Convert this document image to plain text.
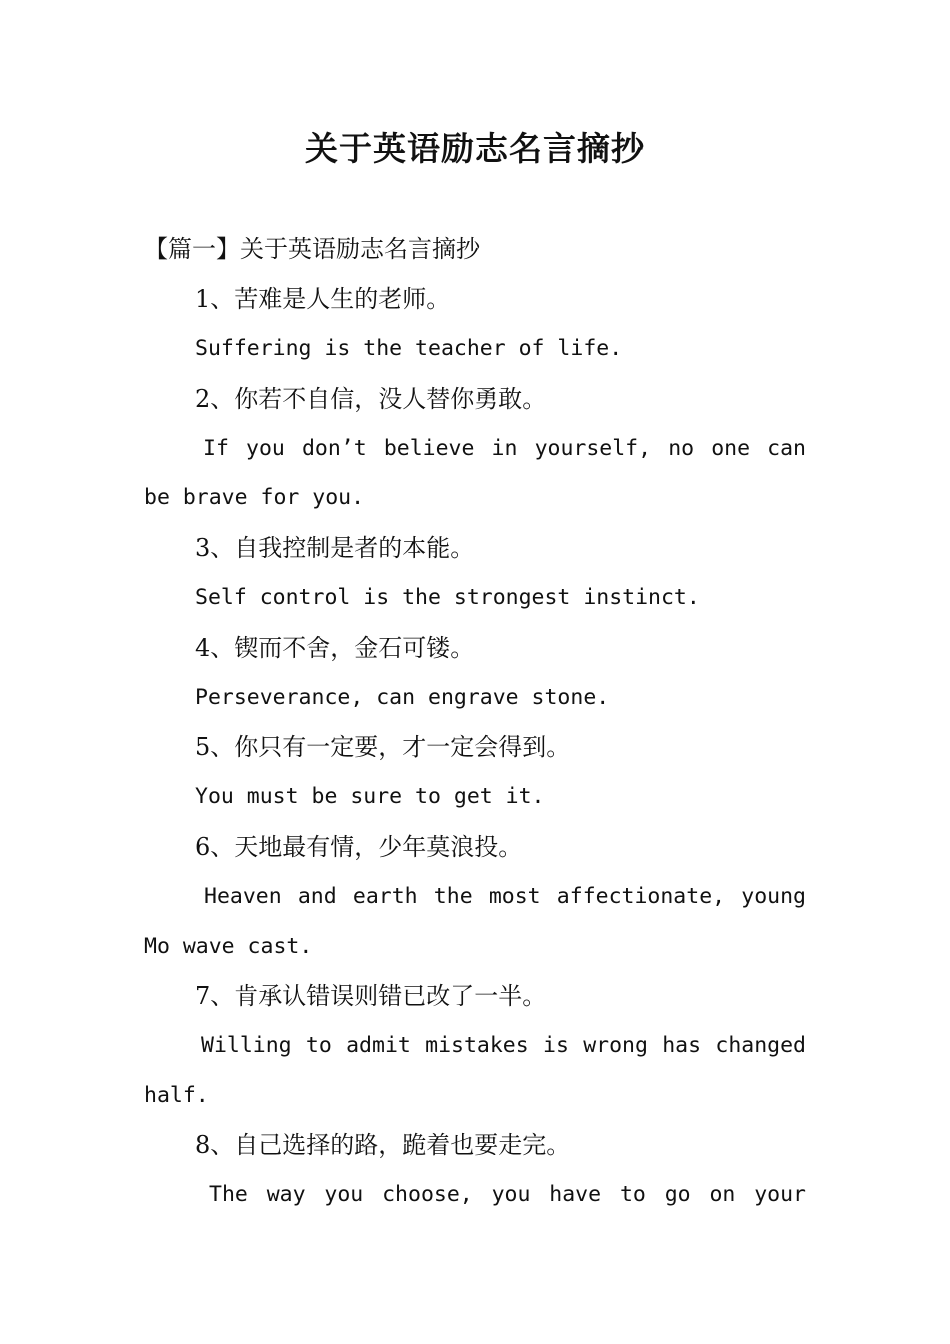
关于英语励志名言摘抄
【篇一】关于英语励志名言摘抄
1、苦难是人生的老师。
Suffering is the teacher of life.
2、你若不自信，没人替你勇敢。
If you don’t believe in yourself, no one can
be brave for you.
3、自我控制是者的本能。
Self control is the strongest instinct.
4、锲而不舍，金石可镂。
Perseverance, can engrave stone.
5、你只有一定要，才一定会得到。
You must be sure to get it.
6、天地最有情，少年莫浪投。
Heaven and earth the most affectionate, young
Mo wave cast.
7、肯承认错误则错已改了一半。
Willing to admit mistakes is wrong has changed
half.
8、自己选择的路，跪着也要走完。
The way you choose, you have to go on your
